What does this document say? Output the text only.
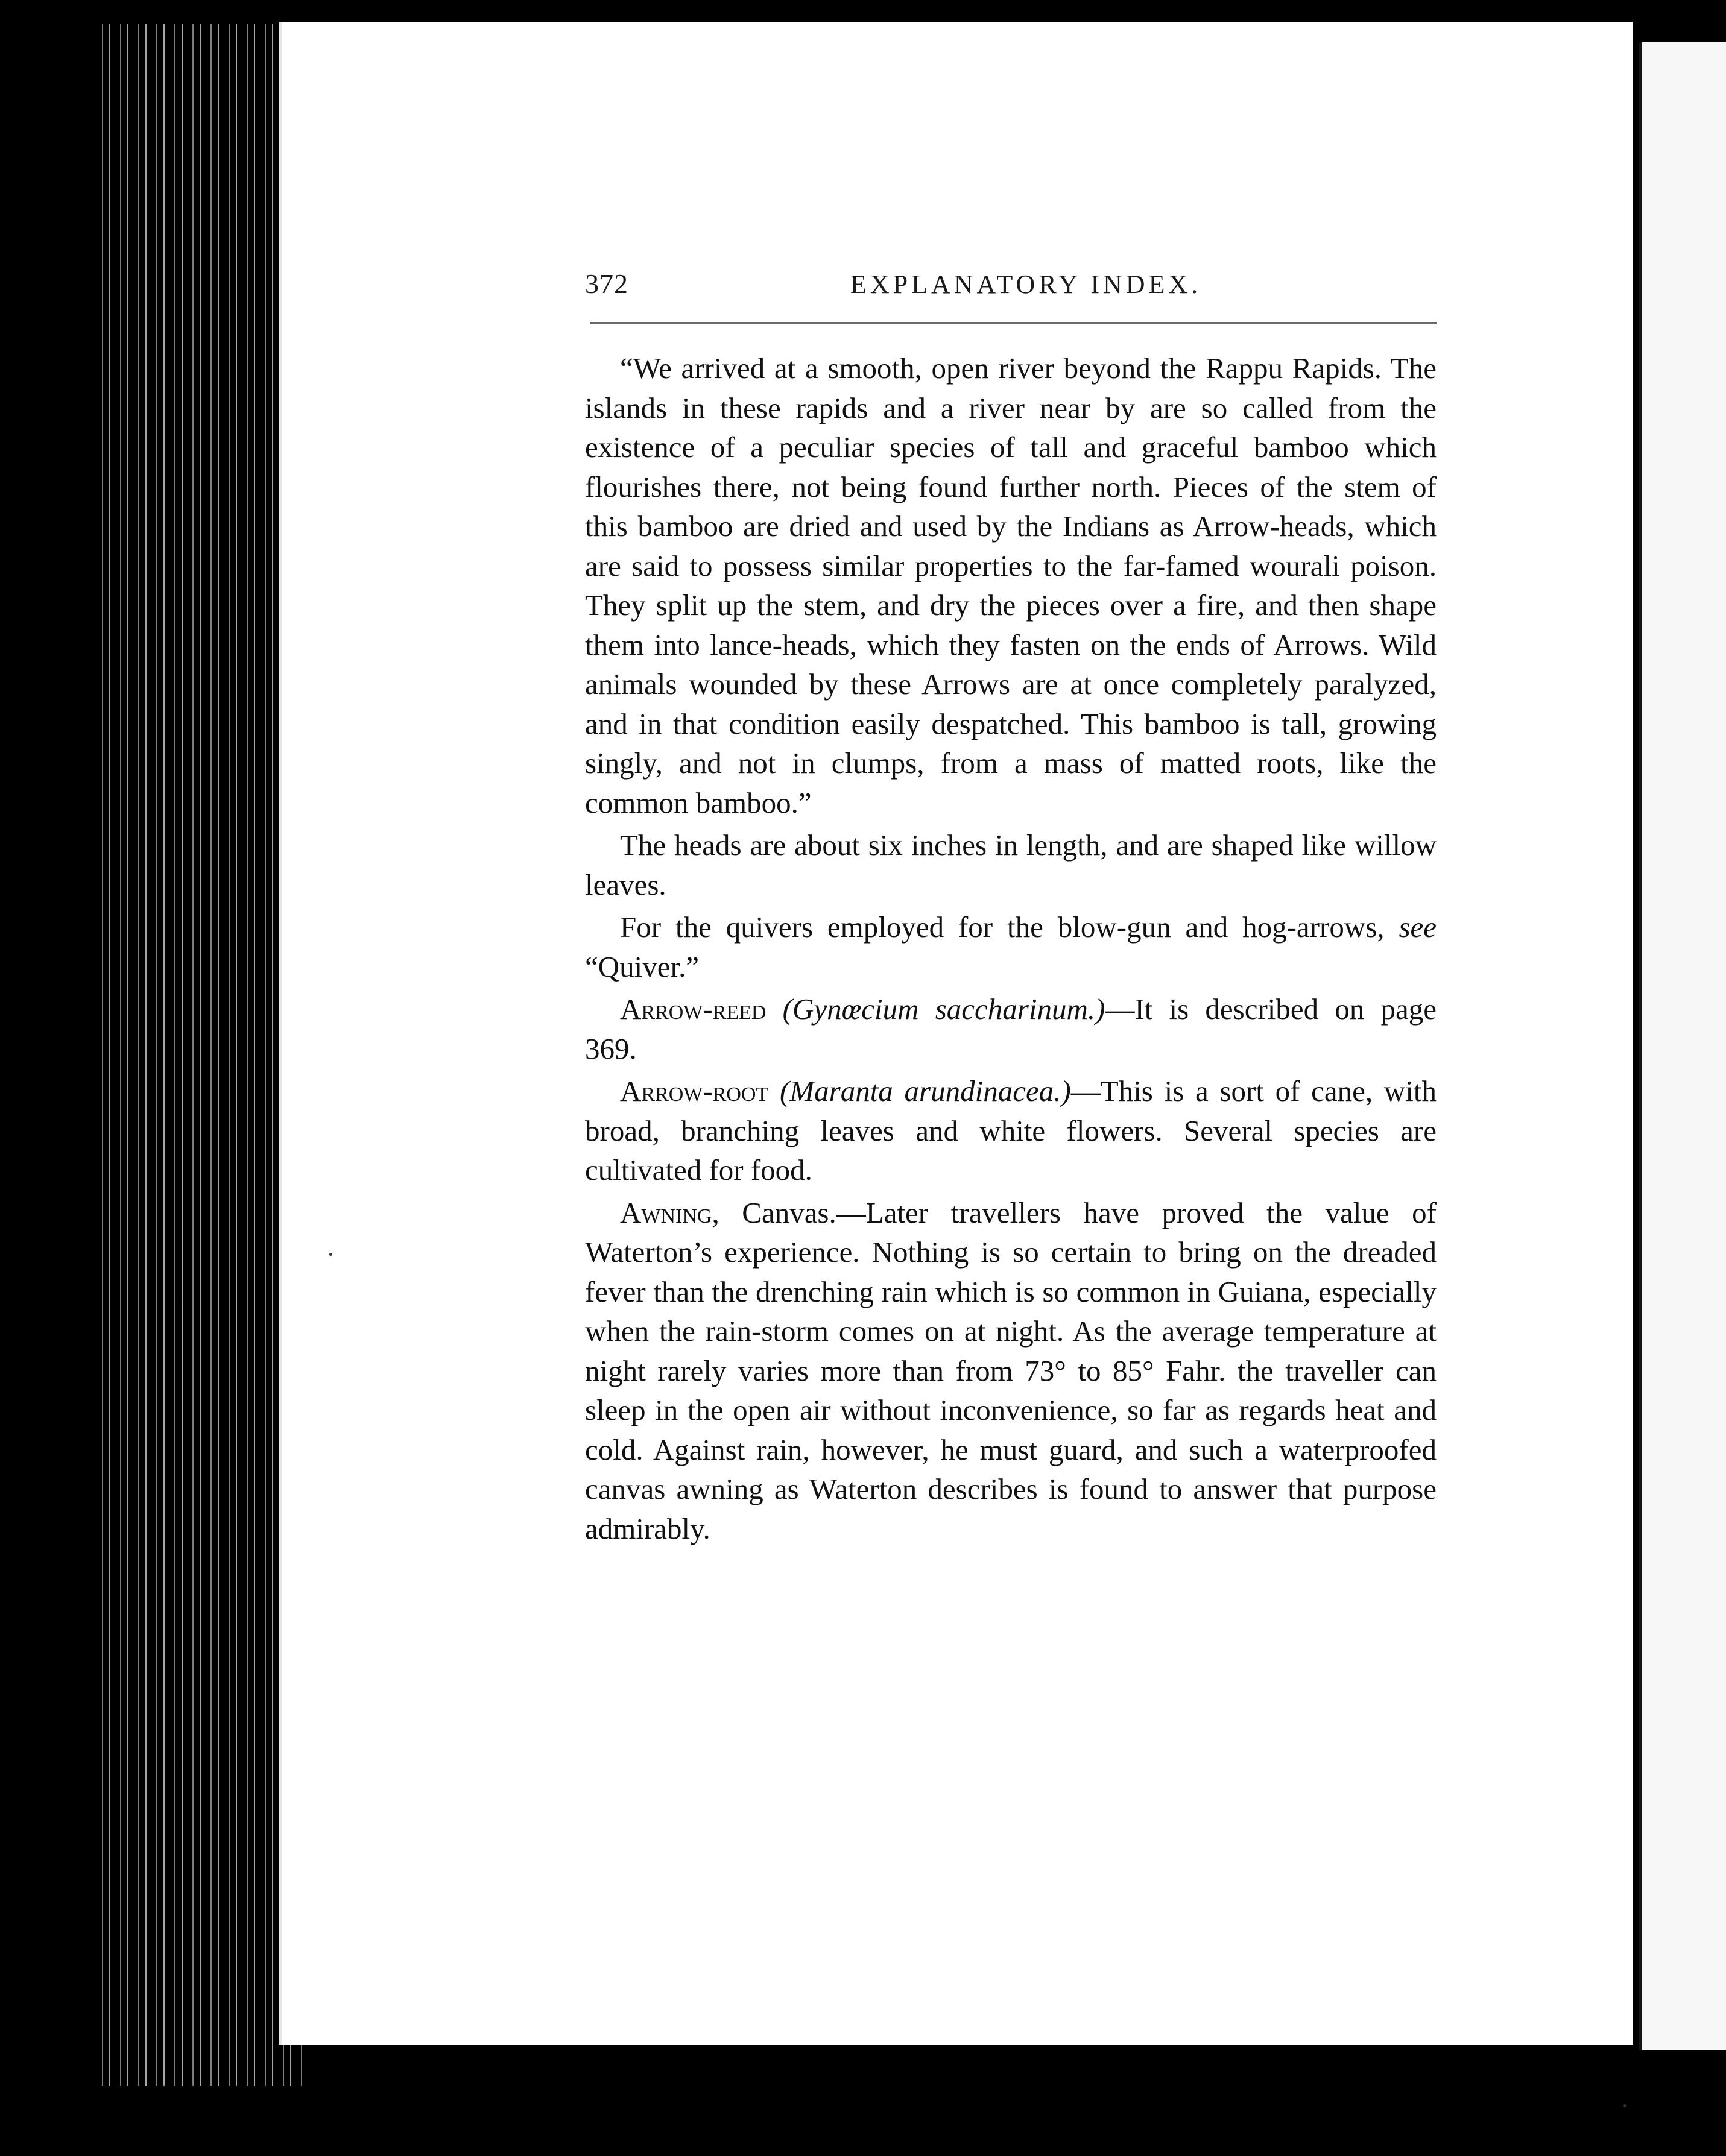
372	EXPLANATORY INDEX.

“We arrived at a smooth, open river beyond the Rappu Rapids. The islands in these rapids and a river near by are so called from the existence of a peculiar species of tall and graceful bamboo which flourishes there, not being found further north. Pieces of the stem of this bamboo are dried and used by the Indians as Arrow-heads, which are said to possess similar properties to the far-famed wourali poison. They split up the stem, and dry the pieces over a fire, and then shape them into lance-heads, which they fasten on the ends of Arrows. Wild animals wounded by these Arrows are at once completely paralyzed, and in that condition easily despatched. This bamboo is tall, growing singly, and not in clumps, from a mass of matted roots, like the common bamboo.”

The heads are about six inches in length, and are shaped like willow leaves.

For the quivers employed for the blow-gun and hog-arrows, see “Quiver.”

Arrow-reed (Gynœcium saccharinum.)—It is described on page 369.

Arrow-root (Maranta arundinacea.)—This is a sort of cane, with broad, branching leaves and white flowers. Several species are cultivated for food.

Awning, Canvas.—Later travellers have proved the value of Waterton’s experience. Nothing is so certain to bring on the dreaded fever than the drenching rain which is so common in Guiana, especially when the rain-storm comes on at night. As the average temperature at night rarely varies more than from 73° to 85° Fahr. the traveller can sleep in the open air without inconvenience, so far as regards heat and cold. Against rain, however, he must guard, and such a waterproofed canvas awning as Waterton describes is found to answer that purpose admirably.
